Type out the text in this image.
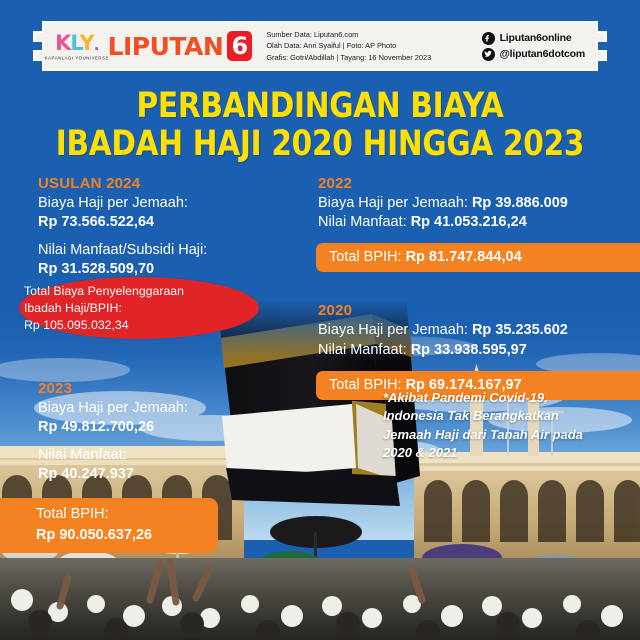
KLY.
KAPANLAGI YOUNIVERSE
LIPUTAN 6	Sumber Data: Liputan6.com
Olah Data: Anri Syaiful | Foto: AP Photo
Grafis: Gotri/Abdillah | Tayang: 16 November 2023
Liputan6online
@liputan6dotcom
PERBANDINGAN BIAYA
IBADAH HAJI 2020 HINGGA 2023
USULAN 2024
Biaya Haji per Jemaah:
Rp 73.566.522,64
Nilai Manfaat/Subsidi Haji:
Rp 31.528.509,70
2023
Biaya Haji per Jemaah:
Rp 49.812.700,26
Nilai Manfaat:
Rp 40.247.937
Total BPIH:
Rp 90.050.637,26
Total Biaya Penyelenggaraan
Ibadah Haji/BPIH:
Rp 105.095.032,34
2022
Biaya Haji per Jemaah: Rp 39.886.009
Nilai Manfaat: Rp 41.053.216,24
Total BPIH: Rp 81.747.844,04
2020
Biaya Haji per Jemaah: Rp 35.235.602
Nilai Manfaat: Rp 33.938.595,97
Total BPIH: Rp 69.174.167,97
*Akibat Pandemi Covid-19,
Indonesia Tak Berangkatkan
Jemaah Haji dari Tanah Air pada
2020 & 2021
